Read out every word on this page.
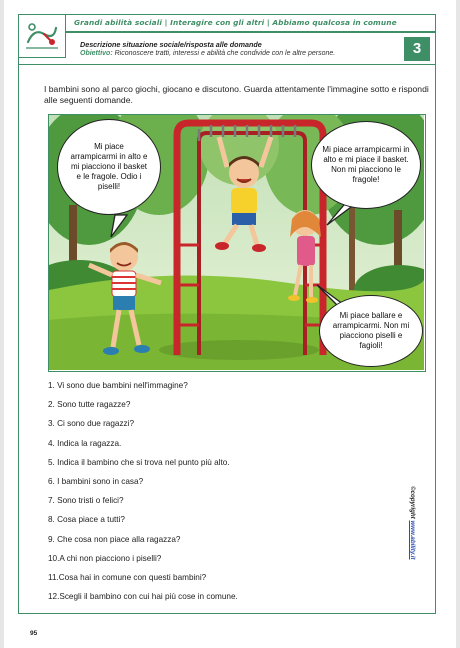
Grandi abilità sociali | Interagire con gli altri | Abbiamo qualcosa in comune
Descrizione situazione sociale/risposta alle domande
Obiettivo: Riconoscere tratti, interessi e abilità che condivide con le altre persone.	3
I bambini sono al parco giochi, giocano e discutono. Guarda attentamente l'immagine sotto e rispondi alle seguenti domande.
Mi piace arrampicarmi in alto e mi piacciono il basket e le fragole. Odio i piselli!
Mi piace arrampicarmi in alto e mi piace il basket. Non mi piacciono le fragole!
Mi piace ballare e arrampicarmi. Non mi piacciono piselli e fagioli!
1. Vi sono due bambini nell'immagine?
2. Sono tutte ragazze?
3. Ci sono due ragazzi?
4. Indica la ragazza.
5. Indica il bambino che si trova nel punto più alto.
6. I bambini sono in casa?
7. Sono tristi o felici?
8. Cosa piace a tutti?
9. Che cosa non piace alla ragazza?
10.A chi non piacciono i piselli?
11.Cosa hai in comune con questi bambini?
12.Scegli il bambino con cui hai più cose in comune.
©copyright www.ability.it
95
